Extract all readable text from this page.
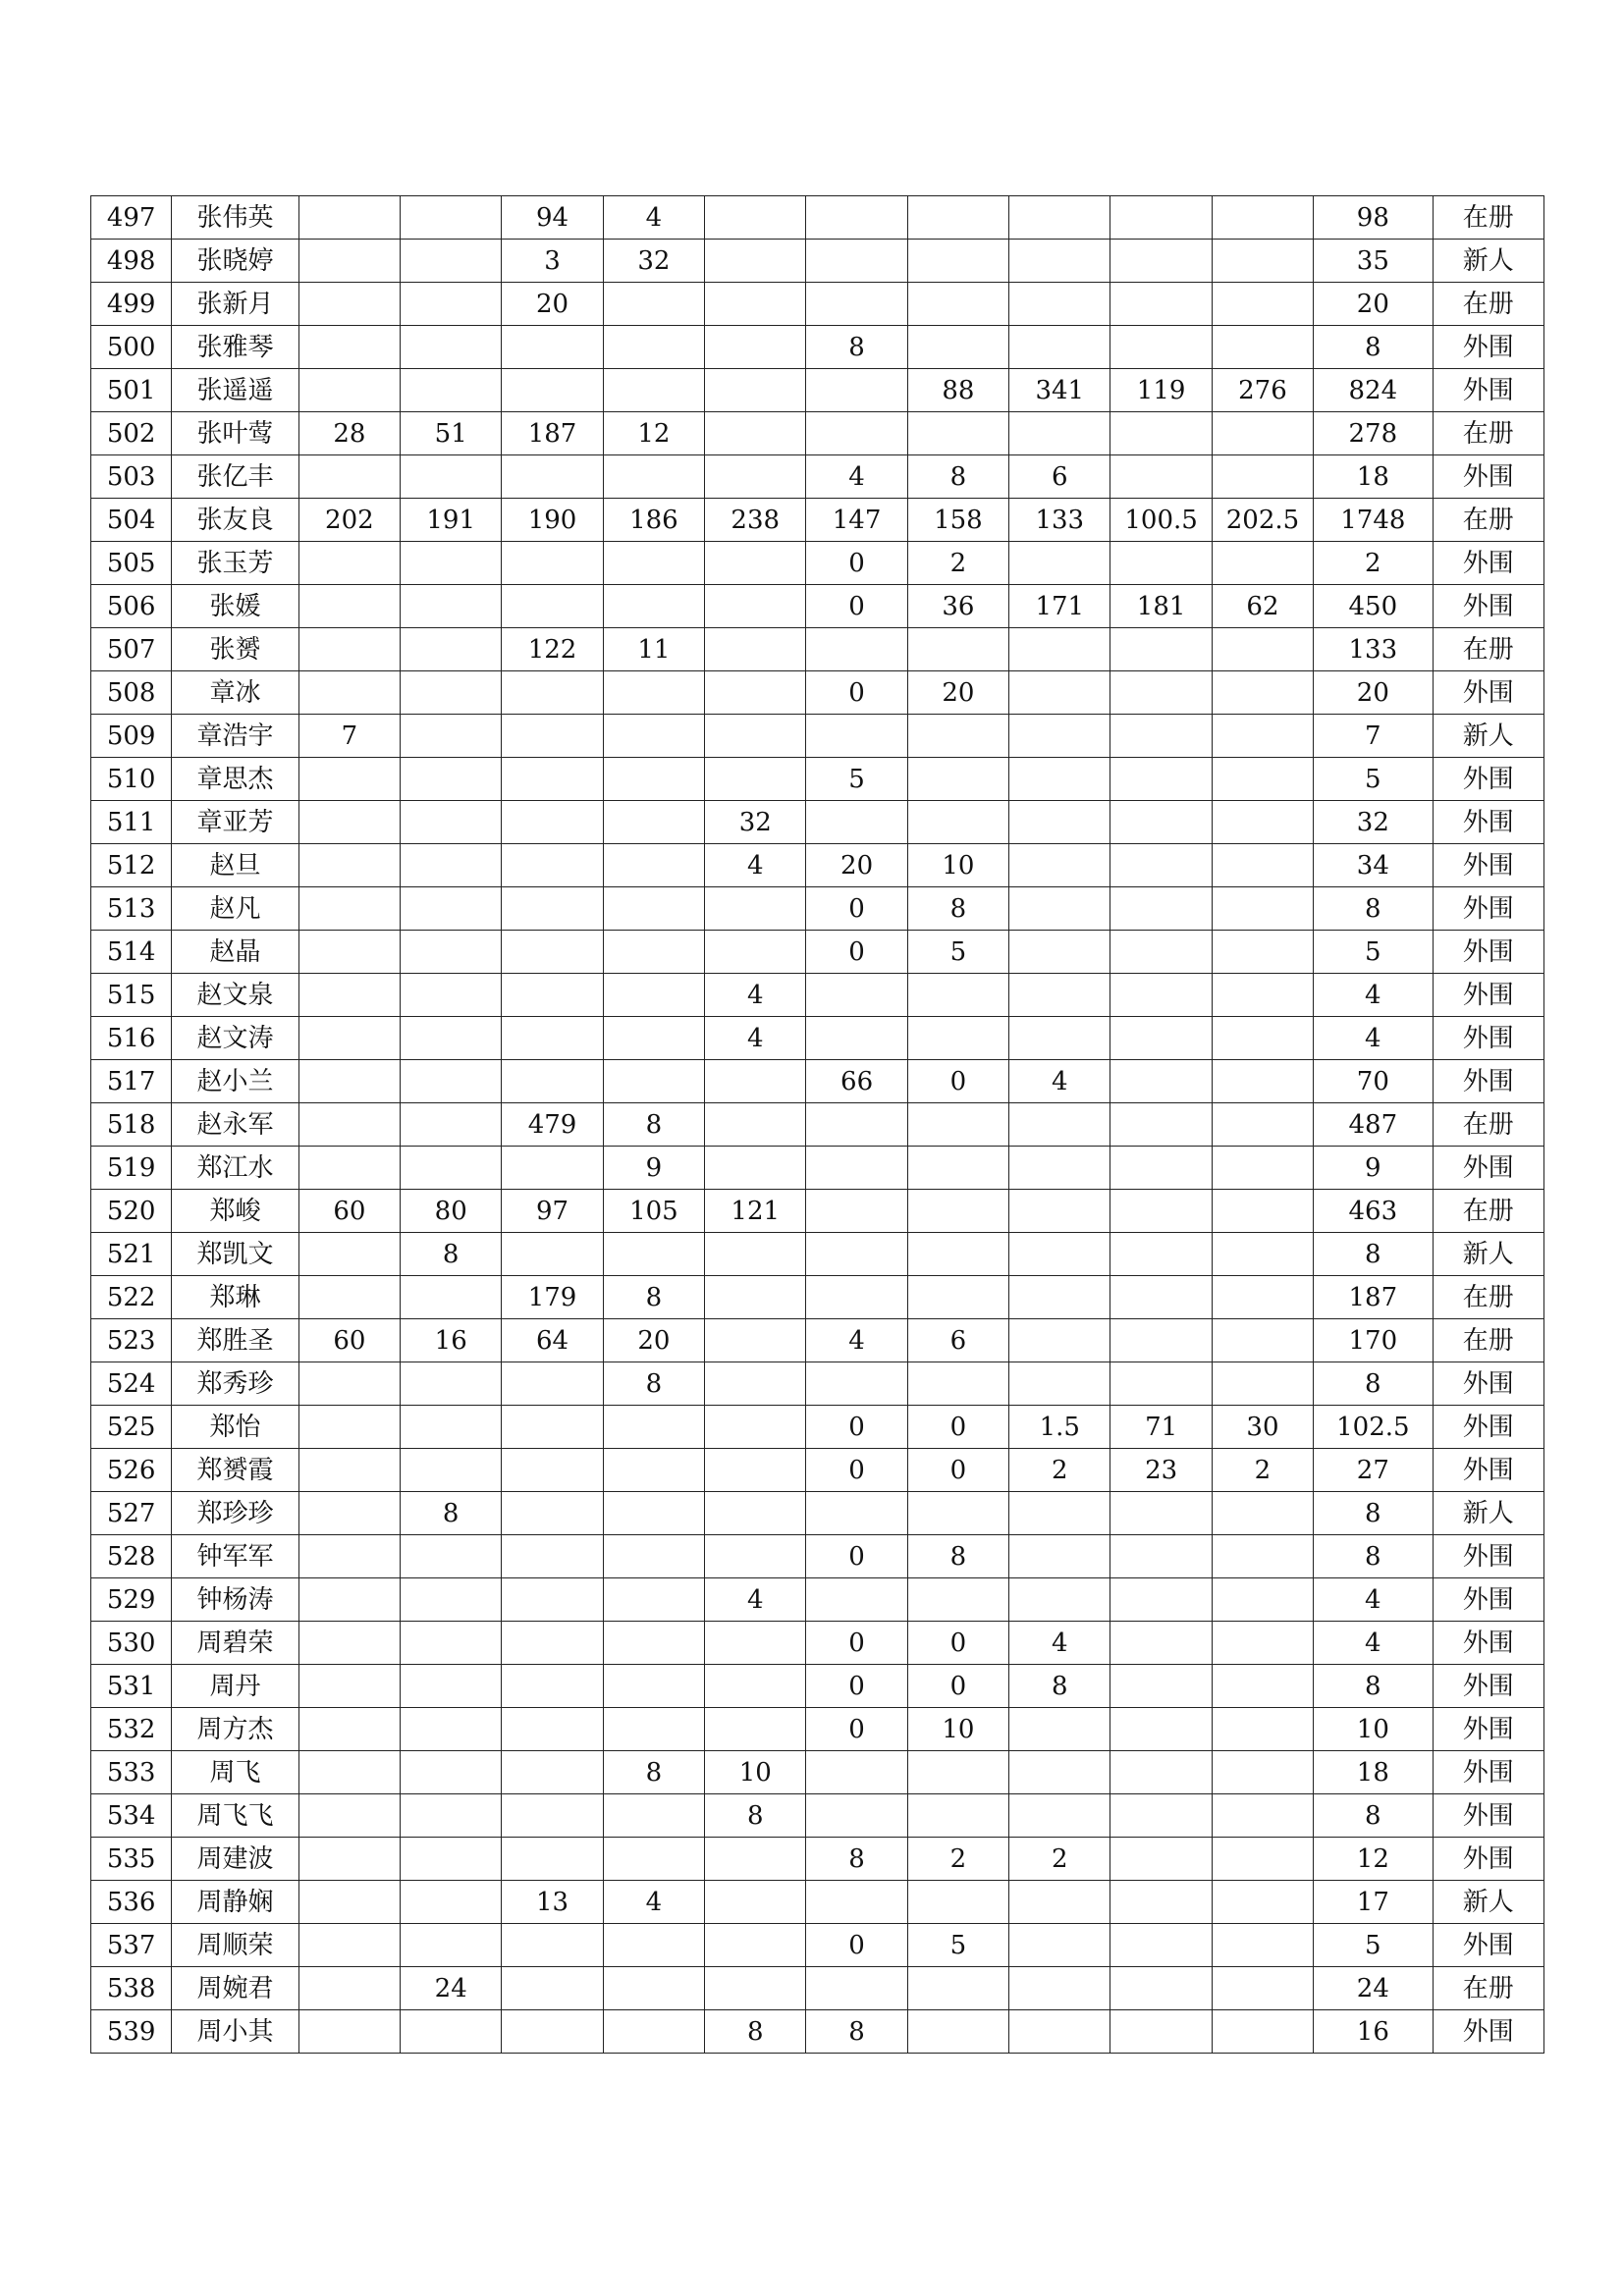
497	张伟英			94	4							98	在册
498	张晓婷			3	32							35	新人
499	张新月			20								20	在册
500	张雅琴						8					8	外围
501	张遥遥							88	341	119	276	824	外围
502	张叶莺	28	51	187	12							278	在册
503	张亿丰						4	8	6			18	外围
504	张友良	202	191	190	186	238	147	158	133	100.5	202.5	1748	在册
505	张玉芳						0	2				2	外围
506	张媛						0	36	171	181	62	450	外围
507	张赟			122	11							133	在册
508	章冰						0	20				20	外围
509	章浩宇	7										7	新人
510	章思杰						5					5	外围
511	章亚芳					32						32	外围
512	赵旦					4	20	10				34	外围
513	赵凡						0	8				8	外围
514	赵晶						0	5				5	外围
515	赵文泉					4						4	外围
516	赵文涛					4						4	外围
517	赵小兰						66	0	4			70	外围
518	赵永军			479	8							487	在册
519	郑江水				9							9	外围
520	郑峻	60	80	97	105	121						463	在册
521	郑凯文		8									8	新人
522	郑琳			179	8							187	在册
523	郑胜圣	60	16	64	20		4	6				170	在册
524	郑秀珍				8							8	外围
525	郑怡						0	0	1.5	71	30	102.5	外围
526	郑赟霞						0	0	2	23	2	27	外围
527	郑珍珍		8									8	新人
528	钟军军						0	8				8	外围
529	钟杨涛					4						4	外围
530	周碧荣						0	0	4			4	外围
531	周丹						0	0	8			8	外围
532	周方杰						0	10				10	外围
533	周飞				8	10						18	外围
534	周飞飞					8						8	外围
535	周建波						8	2	2			12	外围
536	周静娴			13	4							17	新人
537	周顺荣						0	5				5	外围
538	周婉君		24									24	在册
539	周小其					8	8					16	外围
